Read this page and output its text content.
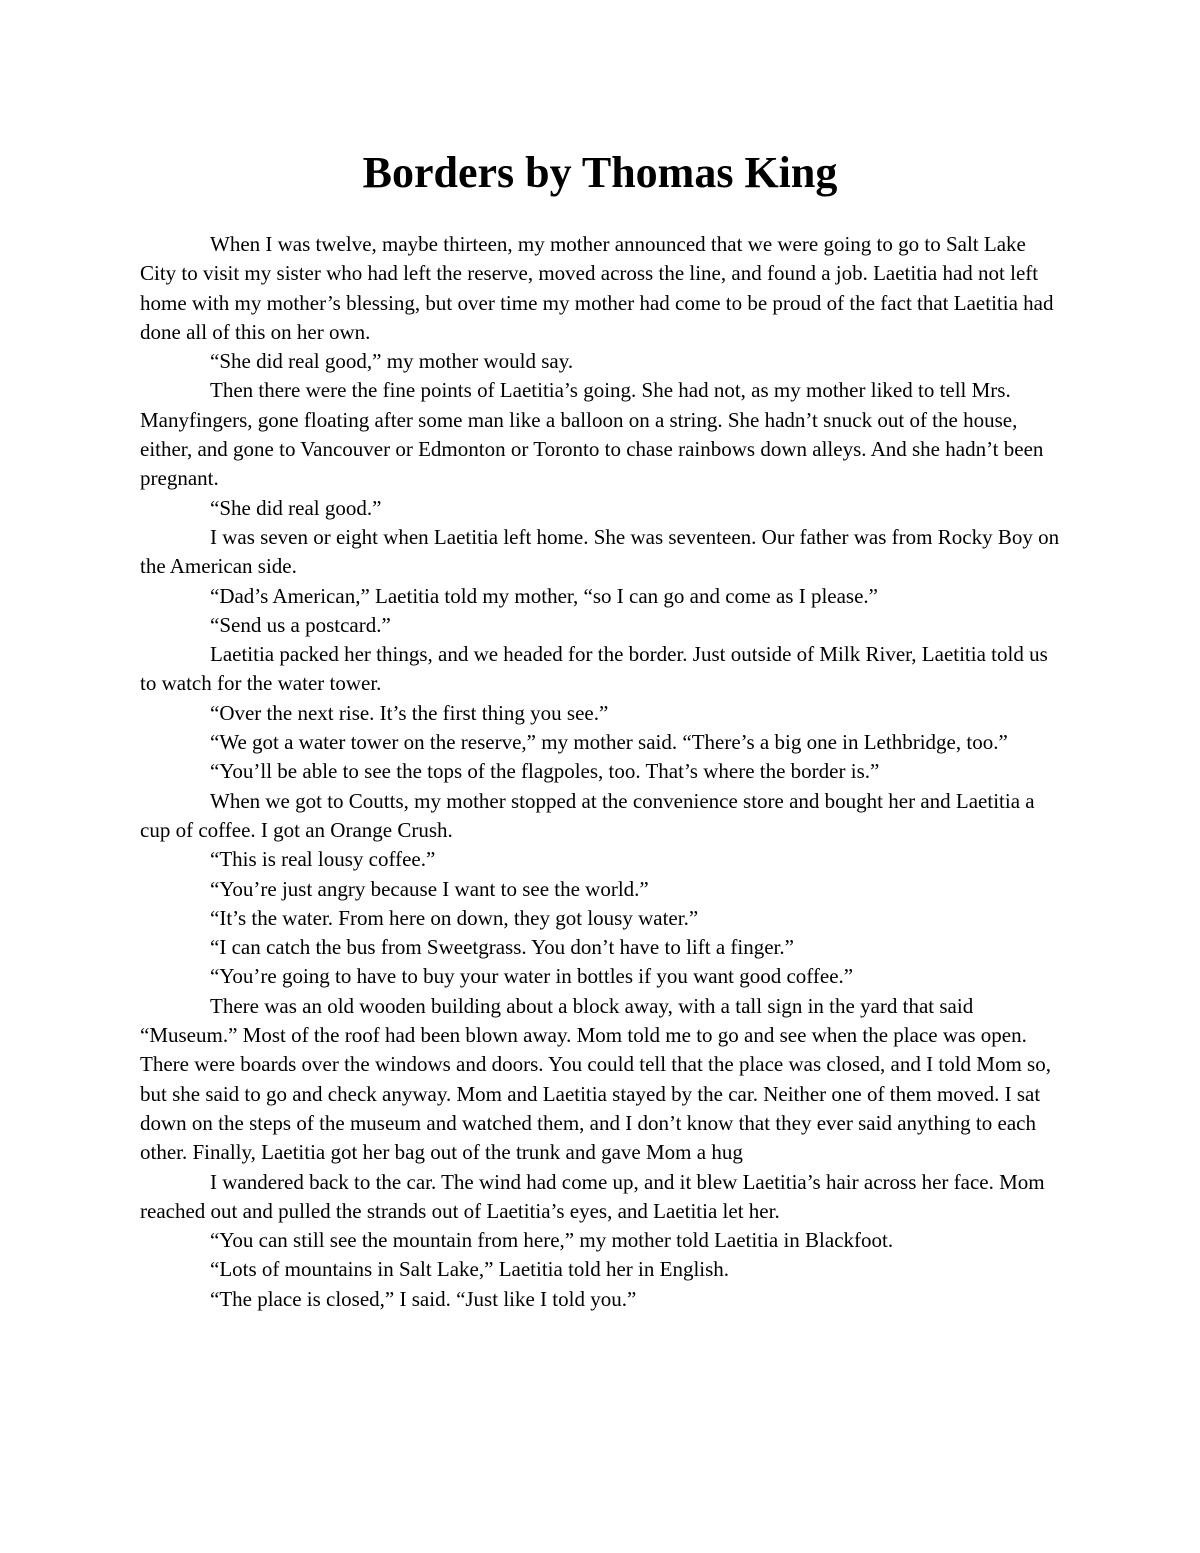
Borders by Thomas King

When I was twelve, maybe thirteen, my mother announced that we were going to go to Salt Lake City to visit my sister who had left the reserve, moved across the line, and found a job. Laetitia had not left home with my mother’s blessing, but over time my mother had come to be proud of the fact that Laetitia had done all of this on her own.

“She did real good,” my mother would say.

Then there were the fine points of Laetitia’s going. She had not, as my mother liked to tell Mrs. Manyfingers, gone floating after some man like a balloon on a string. She hadn’t snuck out of the house, either, and gone to Vancouver or Edmonton or Toronto to chase rainbows down alleys. And she hadn’t been pregnant.

“She did real good.”

I was seven or eight when Laetitia left home. She was seventeen. Our father was from Rocky Boy on the American side.

“Dad’s American,” Laetitia told my mother, “so I can go and come as I please.”

“Send us a postcard.”

Laetitia packed her things, and we headed for the border. Just outside of Milk River, Laetitia told us to watch for the water tower.

“Over the next rise. It’s the first thing you see.”

“We got a water tower on the reserve,” my mother said. “There’s a big one in Lethbridge, too.”

“You’ll be able to see the tops of the flagpoles, too. That’s where the border is.”

When we got to Coutts, my mother stopped at the convenience store and bought her and Laetitia a cup of coffee. I got an Orange Crush.

“This is real lousy coffee.”

“You’re just angry because I want to see the world.”

“It’s the water. From here on down, they got lousy water.”

“I can catch the bus from Sweetgrass. You don’t have to lift a finger.”

“You’re going to have to buy your water in bottles if you want good coffee.”

There was an old wooden building about a block away, with a tall sign in the yard that said “Museum.” Most of the roof had been blown away. Mom told me to go and see when the place was open. There were boards over the windows and doors. You could tell that the place was closed, and I told Mom so, but she said to go and check anyway. Mom and Laetitia stayed by the car. Neither one of them moved. I sat down on the steps of the museum and watched them, and I don’t know that they ever said anything to each other. Finally, Laetitia got her bag out of the trunk and gave Mom a hug

I wandered back to the car. The wind had come up, and it blew Laetitia’s hair across her face. Mom reached out and pulled the strands out of Laetitia’s eyes, and Laetitia let her.

“You can still see the mountain from here,” my mother told Laetitia in Blackfoot.

“Lots of mountains in Salt Lake,” Laetitia told her in English.

“The place is closed,” I said. “Just like I told you.”
